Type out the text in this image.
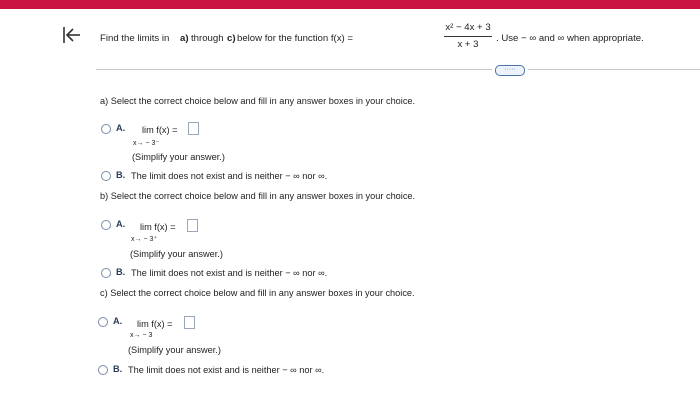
Find the limits in a) through c) below for the function f(x) =
x² − 4x + 3
x + 3
. Use − ∞ and ∞ when appropriate.
·····
a) Select the correct choice below and fill in any answer boxes in your choice.
A. lim f(x) =
x→ − 3⁻
(Simplify your answer.)
B. The limit does not exist and is neither − ∞ nor ∞.
b) Select the correct choice below and fill in any answer boxes in your choice.
A. lim f(x) =
x→ − 3⁺
(Simplify your answer.)
B. The limit does not exist and is neither − ∞ nor ∞.
c) Select the correct choice below and fill in any answer boxes in your choice.
A. lim f(x) =
x→ − 3
(Simplify your answer.)
B. The limit does not exist and is neither − ∞ nor ∞.
